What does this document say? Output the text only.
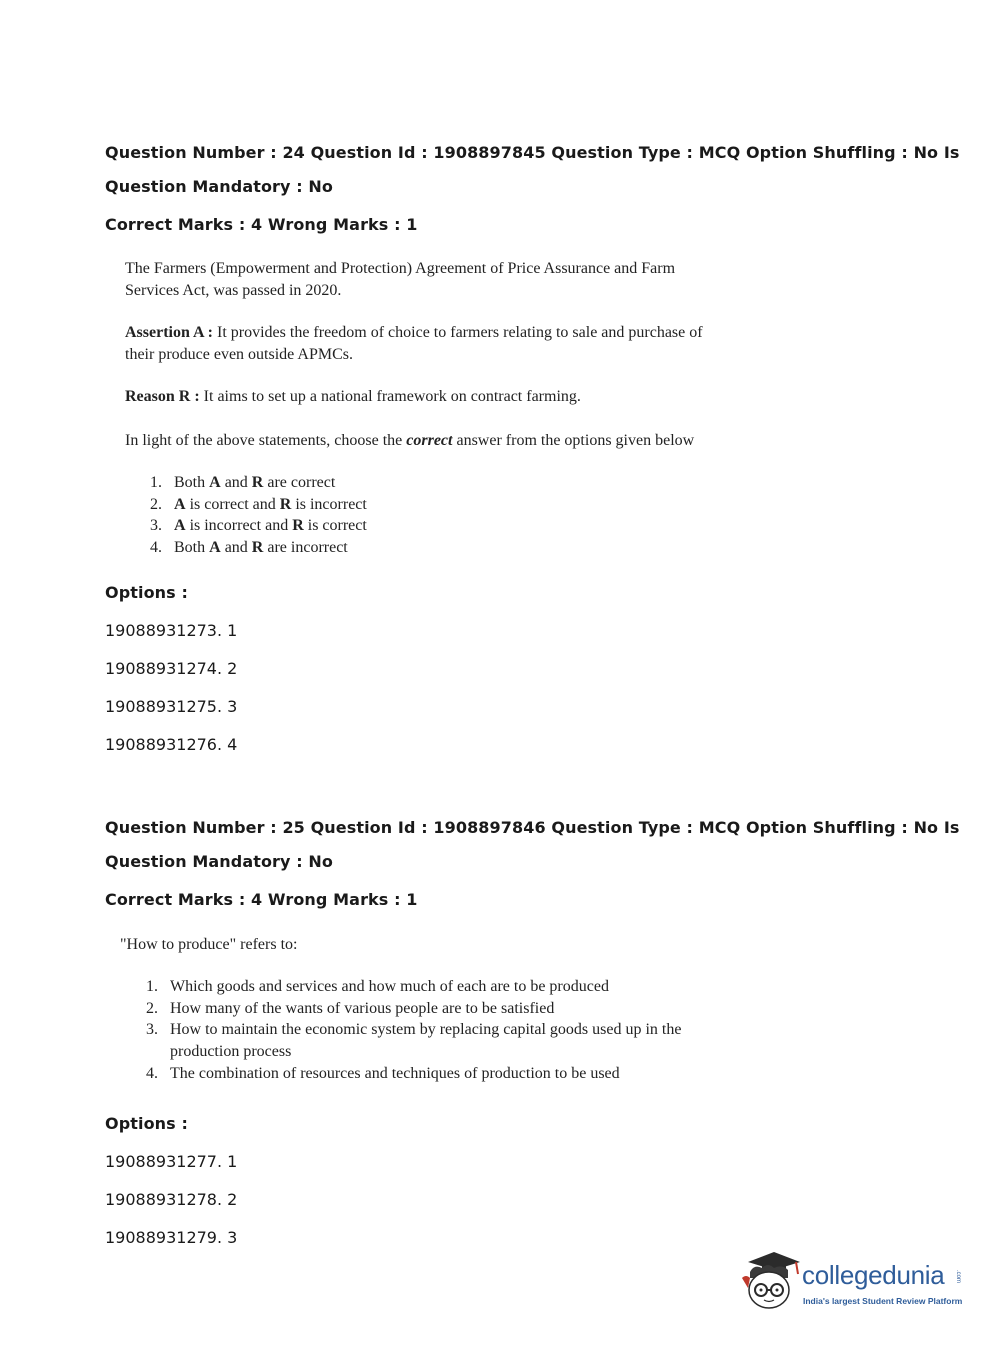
Question Number : 24 Question Id : 1908897845 Question Type : MCQ Option Shuffling : No Is
Question Mandatory : No
Correct Marks : 4 Wrong Marks : 1
The Farmers (Empowerment and Protection) Agreement of Price Assurance and Farm
Services Act, was passed in 2020.
Assertion A : It provides the freedom of choice to farmers relating to sale and purchase of
their produce even outside APMCs.
Reason R : It aims to set up a national framework on contract farming.
In light of the above statements, choose the correct answer from the options given below
1. Both A and R are correct
2. A is correct and R is incorrect
3. A is incorrect and R is correct
4. Both A and R are incorrect
Options :
19088931273. 1
19088931274. 2
19088931275. 3
19088931276. 4
Question Number : 25 Question Id : 1908897846 Question Type : MCQ Option Shuffling : No Is
Question Mandatory : No
Correct Marks : 4 Wrong Marks : 1
"How to produce" refers to:
1. Which goods and services and how much of each are to be produced
2. How many of the wants of various people are to be satisfied
3. How to maintain the economic system by replacing capital goods used up in the
production process
4. The combination of resources and techniques of production to be used
Options :
19088931277. 1
19088931278. 2
19088931279. 3
collegedunia .com
India's largest Student Review Platform
